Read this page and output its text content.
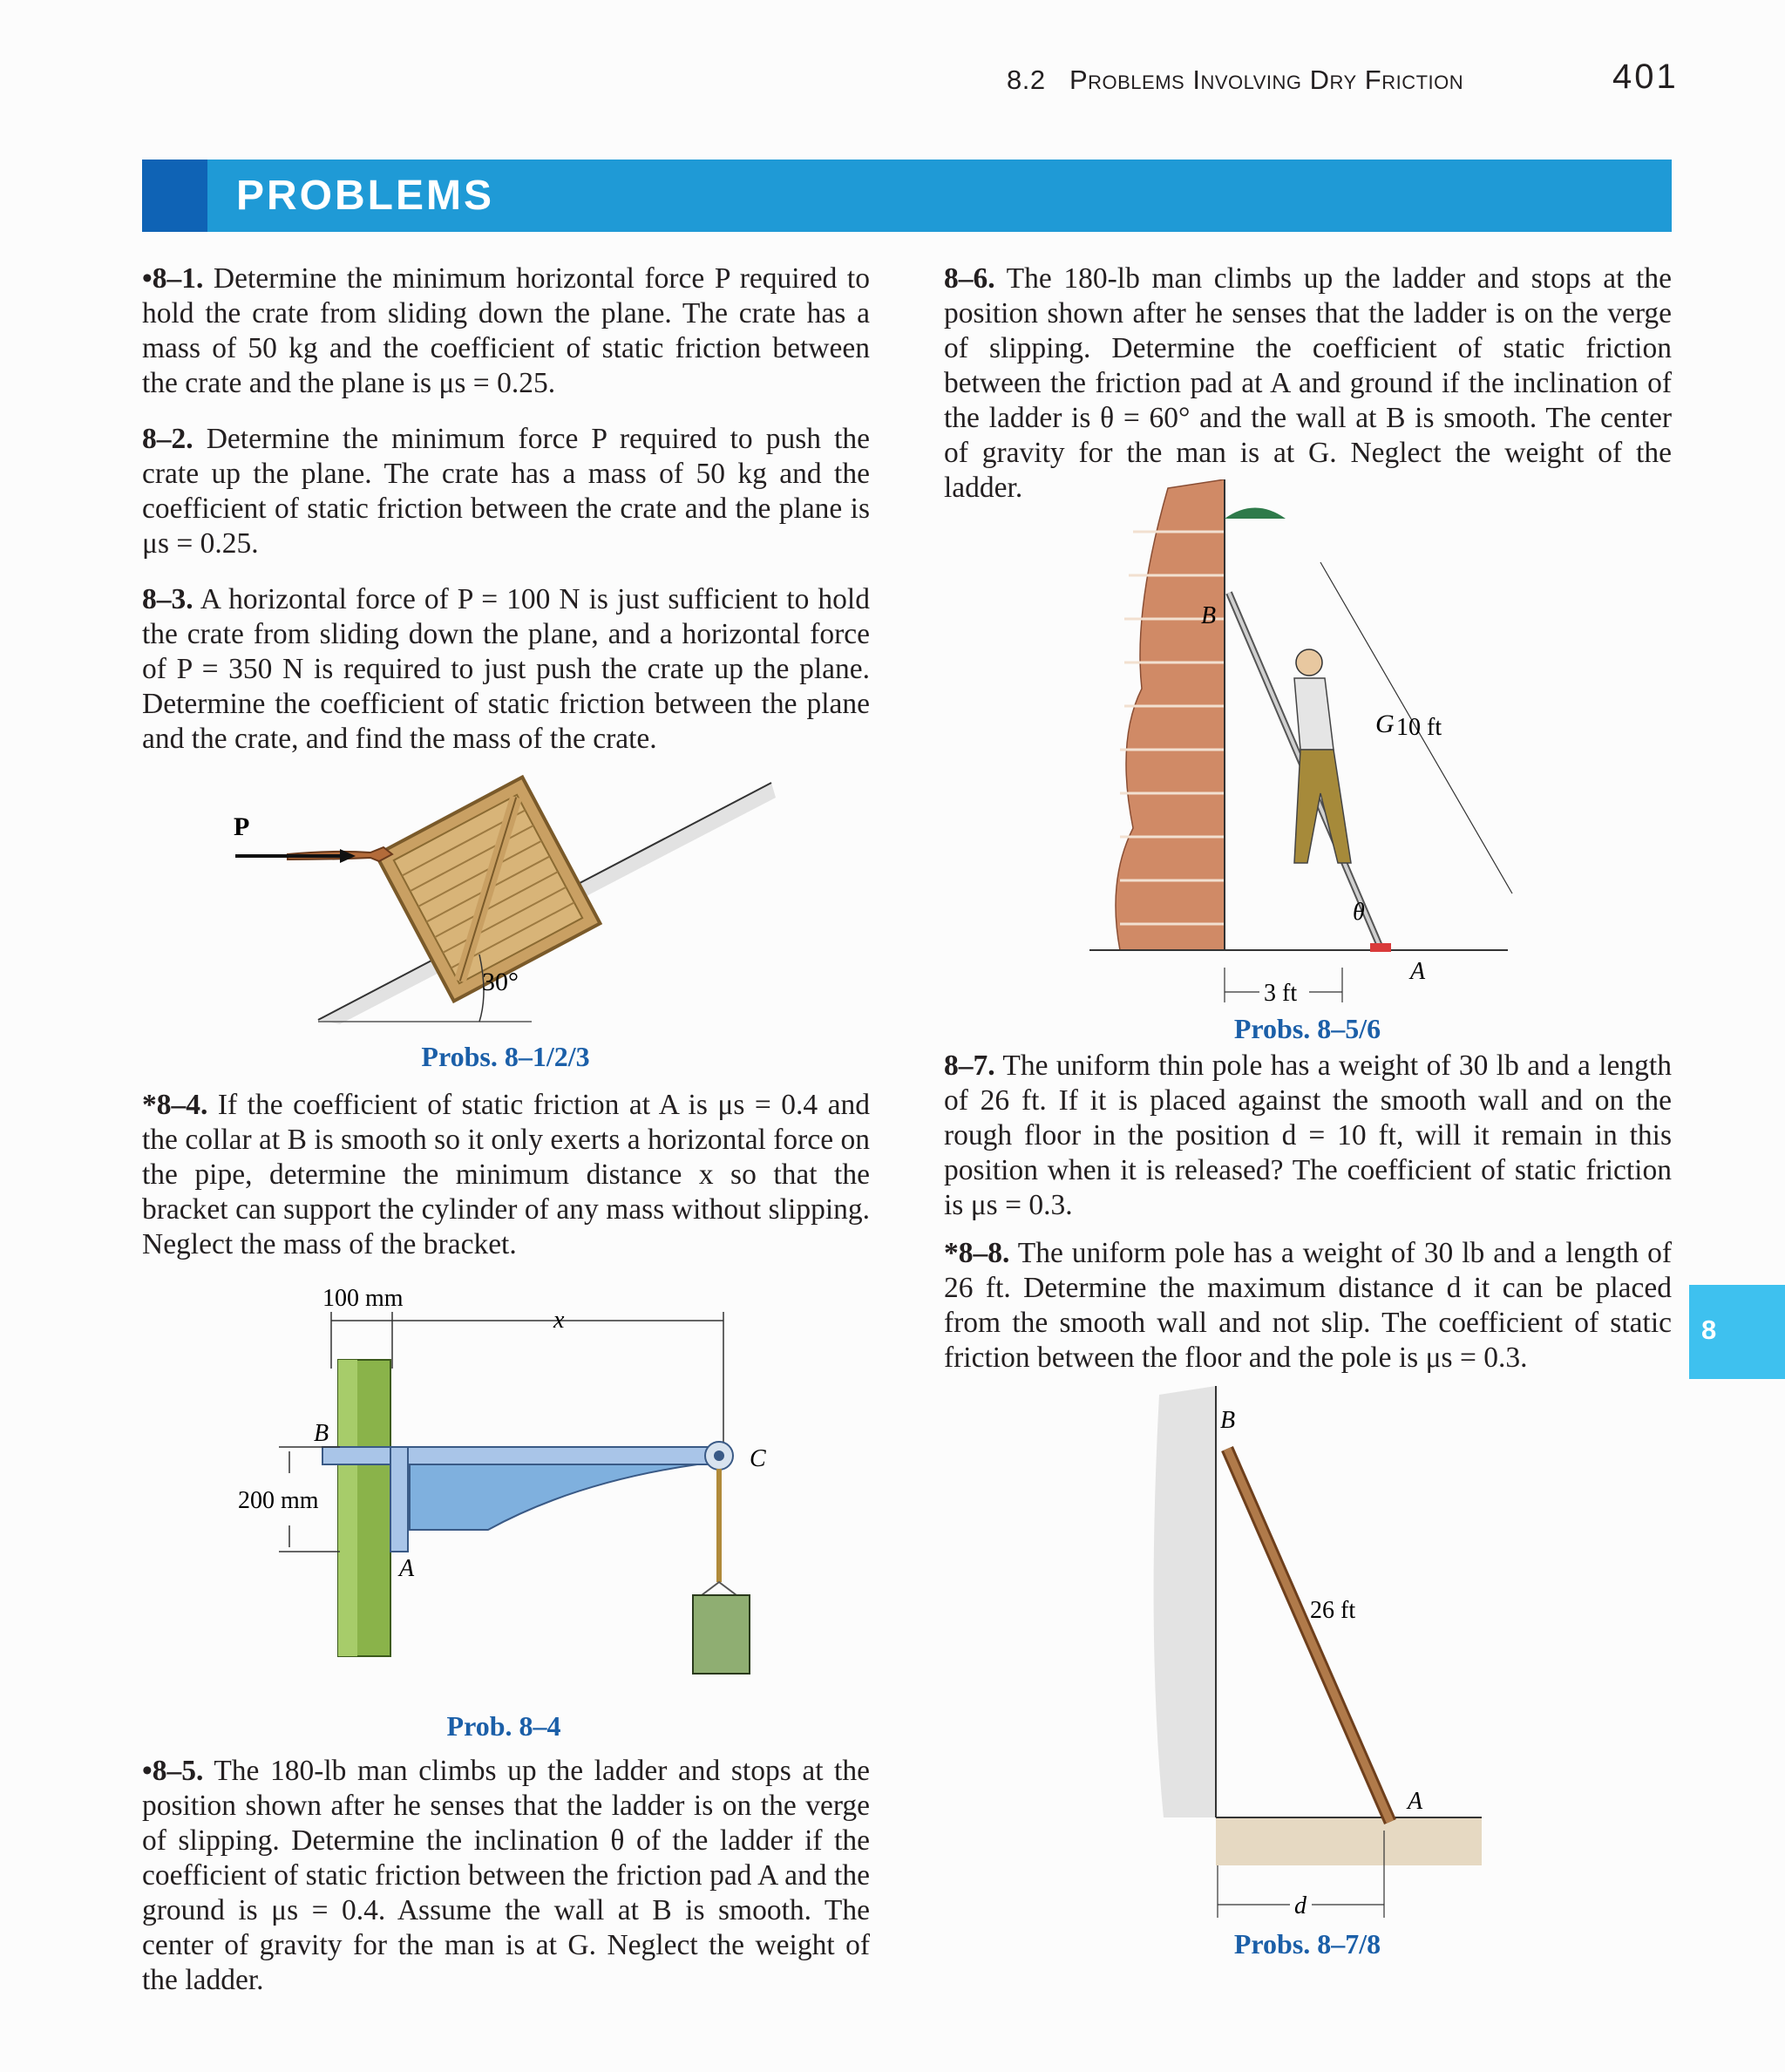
8.2 Problems Involving Dry Friction	401
PROBLEMS

•8–1. Determine the minimum horizontal force P required to hold the crate from sliding down the plane. The crate has a mass of 50 kg and the coefficient of static friction between the crate and the plane is μs = 0.25.

8–2. Determine the minimum force P required to push the crate up the plane. The crate has a mass of 50 kg and the coefficient of static friction between the crate and the plane is μs = 0.25.

8–3. A horizontal force of P = 100 N is just sufficient to hold the crate from sliding down the plane, and a horizontal force of P = 350 N is required to just push the crate up the plane. Determine the coefficient of static friction between the plane and the crate, and find the mass of the crate.

P
30°
Probs. 8–1/2/3

*8–4. If the coefficient of static friction at A is μs = 0.4 and the collar at B is smooth so it only exerts a horizontal force on the pipe, determine the minimum distance x so that the bracket can support the cylinder of any mass without slipping. Neglect the mass of the bracket.

100 mm
x
200 mm
B
A
C
Prob. 8–4

•8–5. The 180-lb man climbs up the ladder and stops at the position shown after he senses that the ladder is on the verge of slipping. Determine the inclination θ of the ladder if the coefficient of static friction between the friction pad A and the ground is μs = 0.4. Assume the wall at B is smooth. The center of gravity for the man is at G. Neglect the weight of the ladder.

8–6. The 180-lb man climbs up the ladder and stops at the position shown after he senses that the ladder is on the verge of slipping. Determine the coefficient of static friction between the friction pad at A and ground if the inclination of the ladder is θ = 60° and the wall at B is smooth. The center of gravity for the man is at G. Neglect the weight of the ladder.

G 10 ft
B
θ
A
3 ft
Probs. 8–5/6

8–7. The uniform thin pole has a weight of 30 lb and a length of 26 ft. If it is placed against the smooth wall and on the rough floor in the position d = 10 ft, will it remain in this position when it is released? The coefficient of static friction is μs = 0.3.

*8–8. The uniform pole has a weight of 30 lb and a length of 26 ft. Determine the maximum distance d it can be placed from the smooth wall and not slip. The coefficient of static friction between the floor and the pole is μs = 0.3.

B
26 ft
A
d
Probs. 8–7/8
8
